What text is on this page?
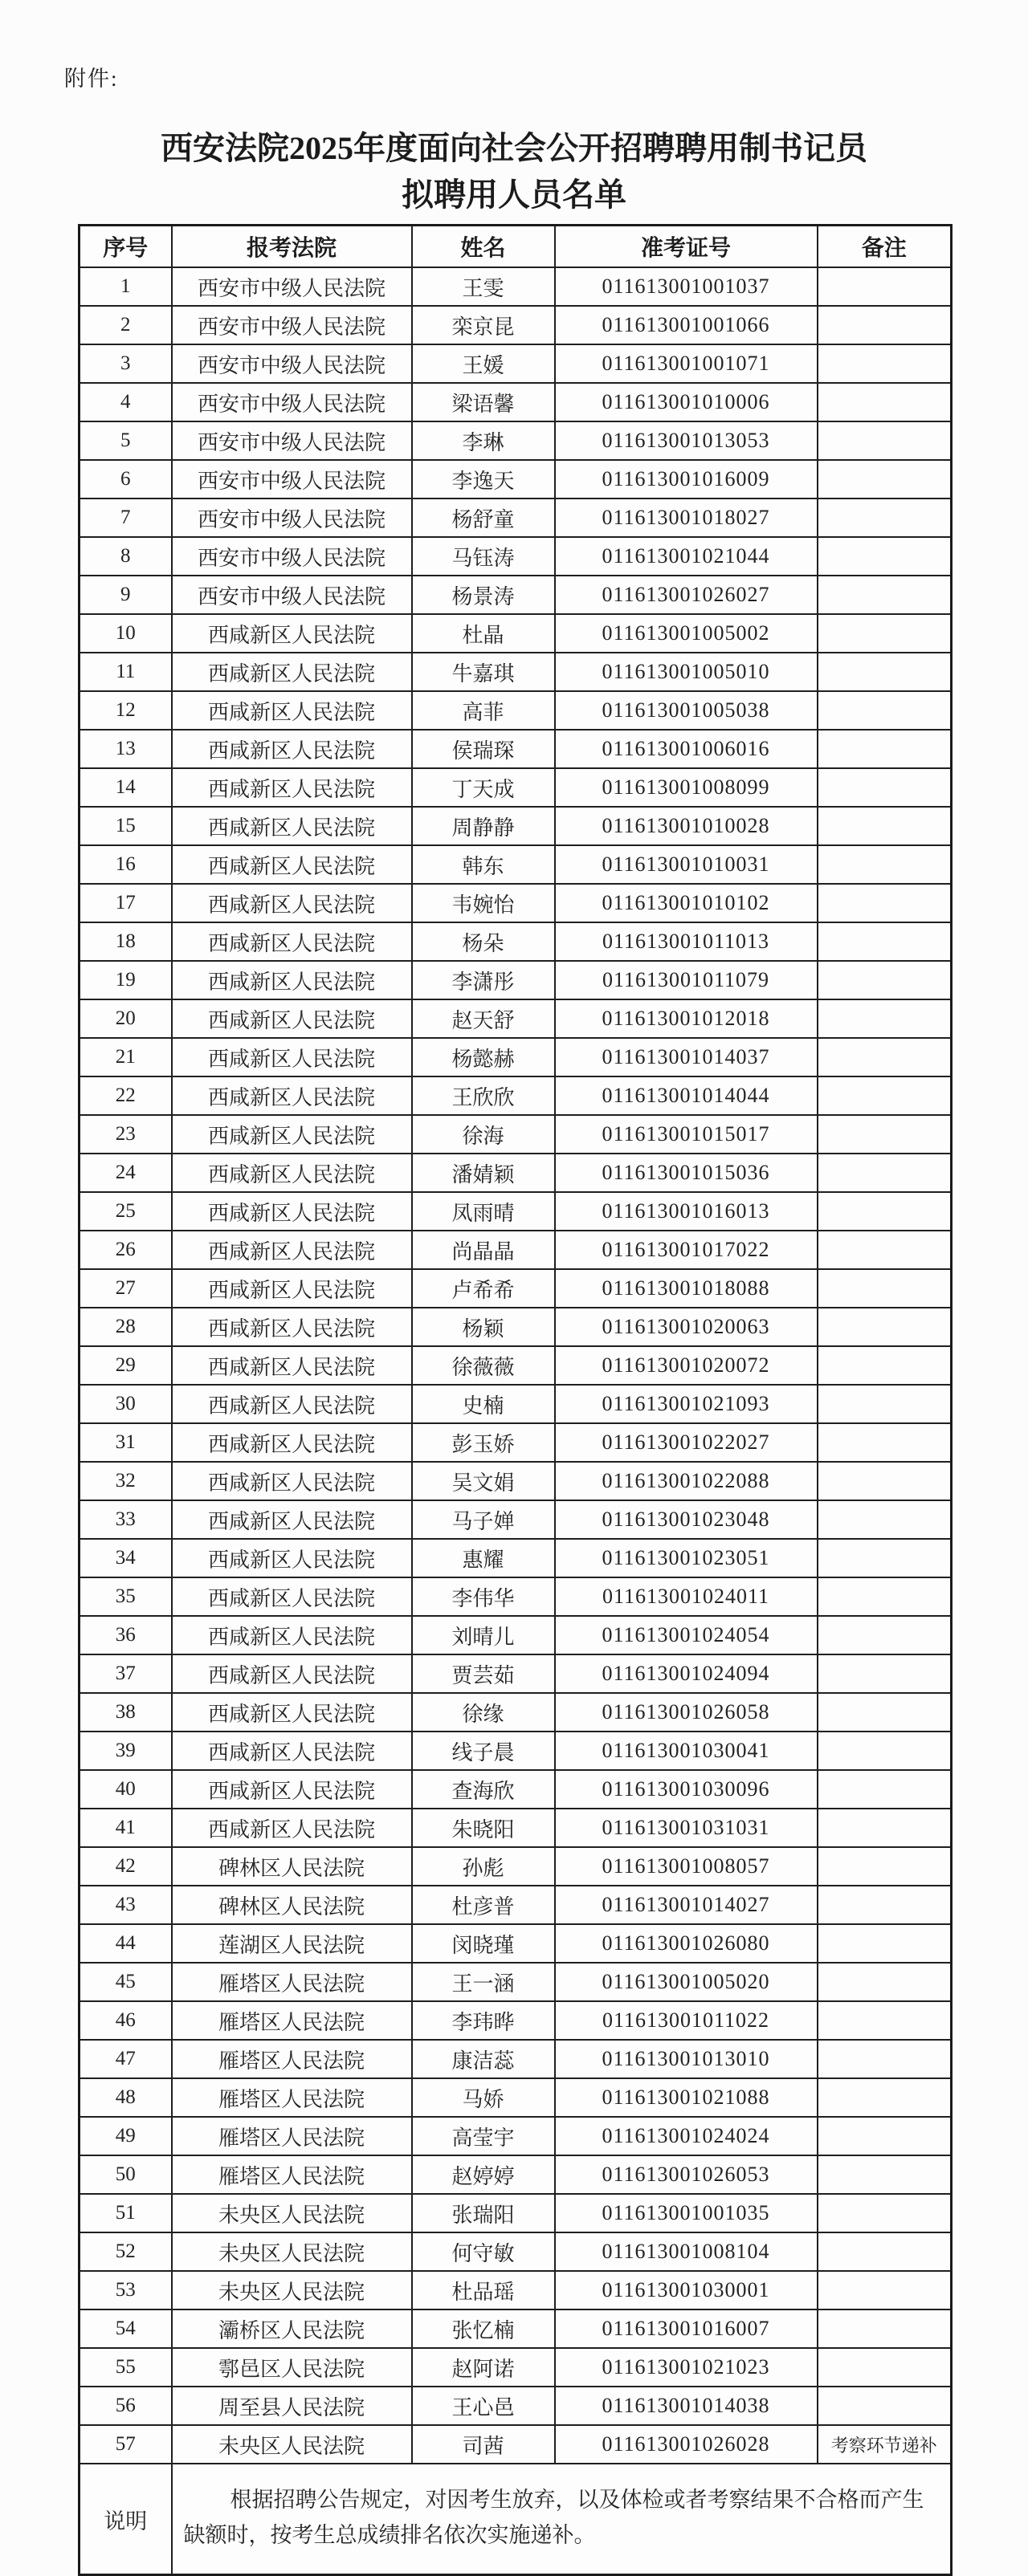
附件:
西安法院2025年度面向社会公开招聘聘用制书记员
拟聘用人员名单
序号	报考法院	姓名	准考证号	备注
1	西安市中级人民法院	王雯	011613001001037	
2	西安市中级人民法院	栾京昆	011613001001066	
3	西安市中级人民法院	王媛	011613001001071	
4	西安市中级人民法院	梁语馨	011613001010006	
5	西安市中级人民法院	李琳	011613001013053	
6	西安市中级人民法院	李逸天	011613001016009	
7	西安市中级人民法院	杨舒童	011613001018027	
8	西安市中级人民法院	马钰涛	011613001021044	
9	西安市中级人民法院	杨景涛	011613001026027	
10	西咸新区人民法院	杜晶	011613001005002	
11	西咸新区人民法院	牛嘉琪	011613001005010	
12	西咸新区人民法院	高菲	011613001005038	
13	西咸新区人民法院	侯瑞琛	011613001006016	
14	西咸新区人民法院	丁天成	011613001008099	
15	西咸新区人民法院	周静静	011613001010028	
16	西咸新区人民法院	韩东	011613001010031	
17	西咸新区人民法院	韦婉怡	011613001010102	
18	西咸新区人民法院	杨朵	011613001011013	
19	西咸新区人民法院	李潇彤	011613001011079	
20	西咸新区人民法院	赵天舒	011613001012018	
21	西咸新区人民法院	杨懿赫	011613001014037	
22	西咸新区人民法院	王欣欣	011613001014044	
23	西咸新区人民法院	徐海	011613001015017	
24	西咸新区人民法院	潘婧颖	011613001015036	
25	西咸新区人民法院	凤雨晴	011613001016013	
26	西咸新区人民法院	尚晶晶	011613001017022	
27	西咸新区人民法院	卢希希	011613001018088	
28	西咸新区人民法院	杨颖	011613001020063	
29	西咸新区人民法院	徐薇薇	011613001020072	
30	西咸新区人民法院	史楠	011613001021093	
31	西咸新区人民法院	彭玉娇	011613001022027	
32	西咸新区人民法院	吴文娟	011613001022088	
33	西咸新区人民法院	马子婵	011613001023048	
34	西咸新区人民法院	惠耀	011613001023051	
35	西咸新区人民法院	李伟华	011613001024011	
36	西咸新区人民法院	刘晴儿	011613001024054	
37	西咸新区人民法院	贾芸茹	011613001024094	
38	西咸新区人民法院	徐缘	011613001026058	
39	西咸新区人民法院	线子晨	011613001030041	
40	西咸新区人民法院	查海欣	011613001030096	
41	西咸新区人民法院	朱晓阳	011613001031031	
42	碑林区人民法院	孙彪	011613001008057	
43	碑林区人民法院	杜彦普	011613001014027	
44	莲湖区人民法院	闵晓瑾	011613001026080	
45	雁塔区人民法院	王一涵	011613001005020	
46	雁塔区人民法院	李玮晔	011613001011022	
47	雁塔区人民法院	康洁蕊	011613001013010	
48	雁塔区人民法院	马娇	011613001021088	
49	雁塔区人民法院	高莹宇	011613001024024	
50	雁塔区人民法院	赵婷婷	011613001026053	
51	未央区人民法院	张瑞阳	011613001001035	
52	未央区人民法院	何守敏	011613001008104	
53	未央区人民法院	杜品瑶	011613001030001	
54	灞桥区人民法院	张忆楠	011613001016007	
55	鄠邑区人民法院	赵阿诺	011613001021023	
56	周至县人民法院	王心邑	011613001014038	
57	未央区人民法院	司茜	011613001026028	考察环节递补
说明	根据招聘公告规定，对因考生放弃，以及体检或者考察结果不合格而产生缺额时，按考生总成绩排名依次实施递补。			
